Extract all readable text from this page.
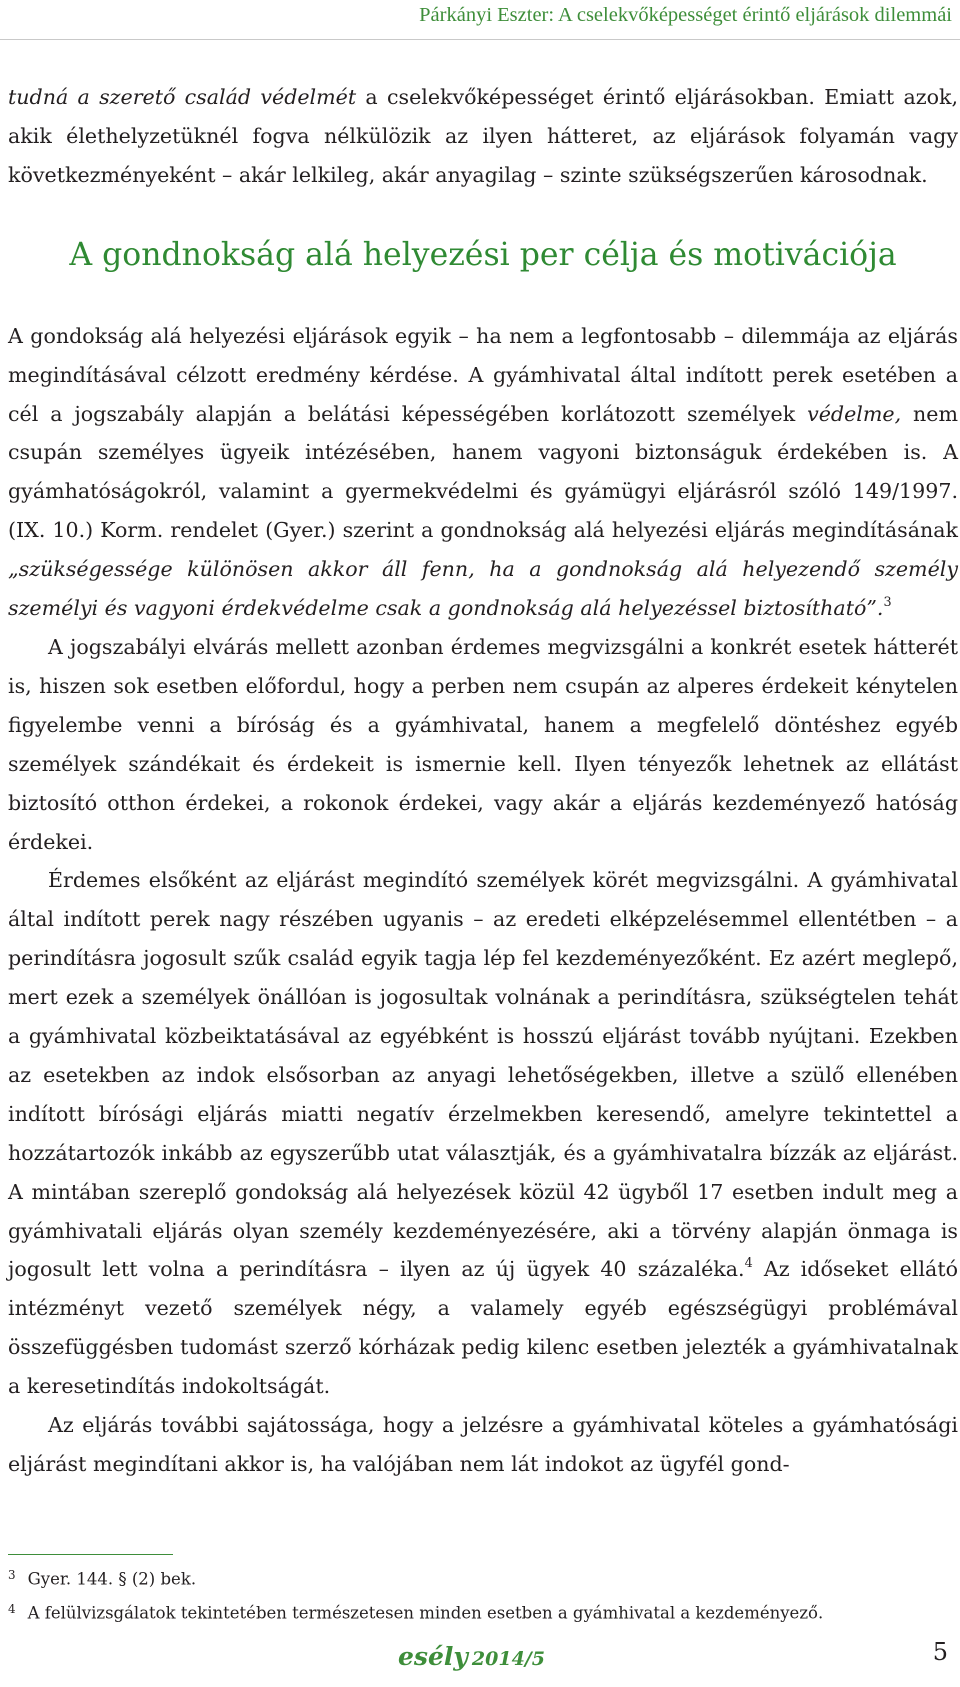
Párkányi Eszter: A cselekvőképességet érintő eljárások dilemmái

tudná a szerető család védelmét a cselekvőképességet érintő eljárásokban. Emiatt azok, akik élethelyzetüknél fogva nélkülözik az ilyen hátteret, az eljárások folyamán vagy következményeként – akár lelkileg, akár anyagilag – szinte szükségszerűen károsodnak.

A gondnokság alá helyezési per célja és motivációja

A gondokság alá helyezési eljárások egyik – ha nem a legfontosabb – dilemmája az eljárás megindításával célzott eredmény kérdése. A gyámhivatal által indított perek esetében a cél a jogszabály alapján a belátási képességében korlátozott személyek védelme, nem csupán személyes ügyeik intézésében, hanem vagyoni biztonságuk érdekében is. A gyámhatóságokról, valamint a gyermekvédelmi és gyámügyi eljárásról szóló 149/1997. (IX. 10.) Korm. rendelet (Gyer.) szerint a gondnokság alá helyezési eljárás megindításának „szükségessége különösen akkor áll fenn, ha a gondnokság alá helyezendő személy személyi és vagyoni érdekvédelme csak a gondnokság alá helyezéssel biztosítható”.$^3$

A jogszabályi elvárás mellett azonban érdemes megvizsgálni a konkrét esetek hátterét is, hiszen sok esetben előfordul, hogy a perben nem csupán az alperes érdekeit kénytelen figyelembe venni a bíróság és a gyámhivatal, hanem a megfelelő döntéshez egyéb személyek szándékait és érdekeit is ismernie kell. Ilyen tényezők lehetnek az ellátást biztosító otthon érdekei, a rokonok érdekei, vagy akár a eljárás kezdeményező hatóság érdekei.

Érdemes elsőként az eljárást megindító személyek körét megvizsgálni. A gyámhivatal által indított perek nagy részében ugyanis – az eredeti elképzelésemmel ellentétben – a perindításra jogosult szűk család egyik tagja lép fel kezdeményezőként. Ez azért meglepő, mert ezek a személyek önállóan is jogosultak volnának a perindításra, szükségtelen tehát a gyámhivatal közbeiktatásával az egyébként is hosszú eljárást tovább nyújtani. Ezekben az esetekben az indok elsősorban az anyagi lehetőségekben, illetve a szülő ellenében indított bírósági eljárás miatti negatív érzelmekben keresendő, amelyre tekintettel a hozzátartozók inkább az egyszerűbb utat választják, és a gyámhivatalra bízzák az eljárást. A mintában szereplő gondokság alá helyezések közül 42 ügyből 17 esetben indult meg a gyámhivatali eljárás olyan személy kezdeményezésére, aki a törvény alapján önmaga is jogosult lett volna a perindításra – ilyen az új ügyek 40 százaléka.$^4$ Az időseket ellátó intézményt vezető személyek négy, a valamely egyéb egészségügyi problémával összefüggésben tudomást szerző kórházak pedig kilenc esetben jelezték a gyámhivatalnak a keresetindítás indokoltságát.

Az eljárás további sajátossága, hogy a jelzésre a gyámhivatal köteles a gyámhatósági eljárást megindítani akkor is, ha valójában nem lát indokot az ügyfél gond-

$^3$ Gyer. 144. § (2) bek.

$^4$ A felülvizsgálatok tekintetében természetesen minden esetben a gyámhivatal a kezdeményező.

esély 2014/5	5
